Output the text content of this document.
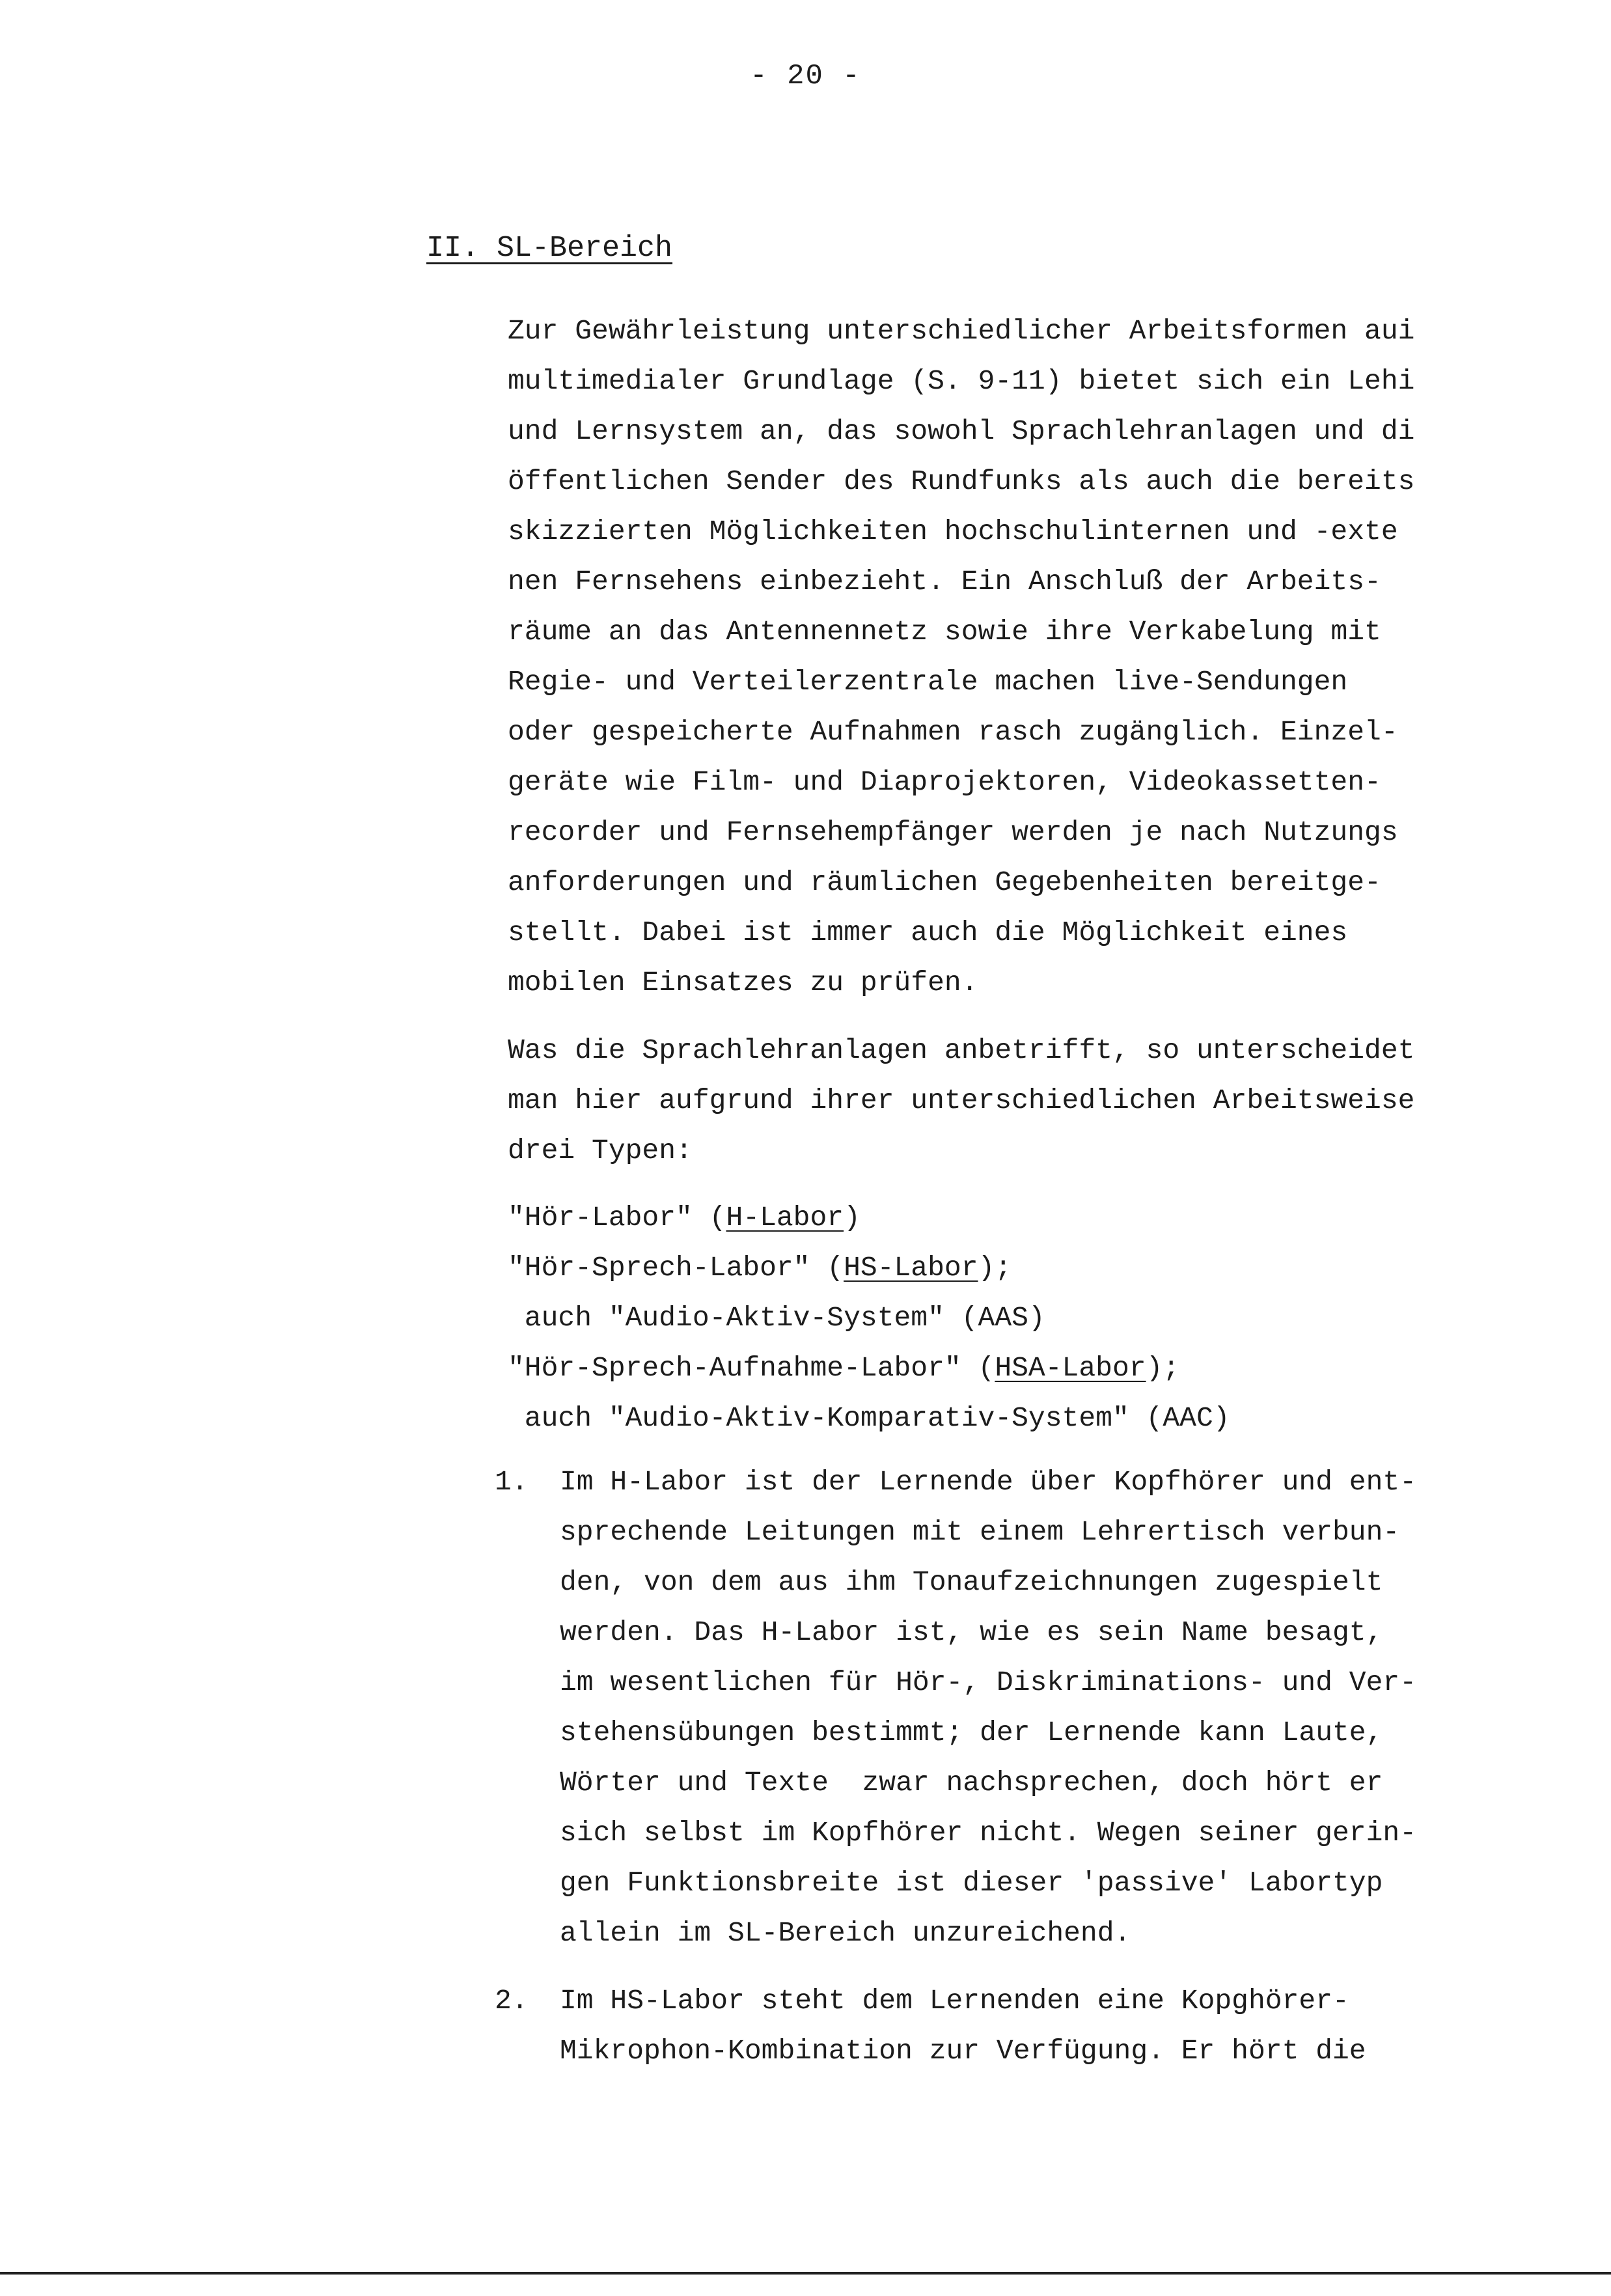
- 20 -
II. SL-Bereich
Zur Gewährleistung unterschiedlicher Arbeitsformen aui
multimedialer Grundlage (S. 9-11) bietet sich ein Lehi
und Lernsystem an, das sowohl Sprachlehranlagen und di
öffentlichen Sender des Rundfunks als auch die bereits
skizzierten Möglichkeiten hochschulinternen und -exte
nen Fernsehens einbezieht. Ein Anschluß der Arbeits-
räume an das Antennennetz sowie ihre Verkabelung mit
Regie- und Verteilerzentrale machen live-Sendungen
oder gespeicherte Aufnahmen rasch zugänglich. Einzel-
geräte wie Film- und Diaprojektoren, Videokassetten-
recorder und Fernsehempfänger werden je nach Nutzungs
anforderungen und räumlichen Gegebenheiten bereitge-
stellt. Dabei ist immer auch die Möglichkeit eines
mobilen Einsatzes zu prüfen.
Was die Sprachlehranlagen anbetrifft, so unterscheidet
man hier aufgrund ihrer unterschiedlichen Arbeitsweise
drei Typen:
"Hör-Labor" (H-Labor)
"Hör-Sprech-Labor" (HS-Labor);
auch "Audio-Aktiv-System" (AAS)
"Hör-Sprech-Aufnahme-Labor" (HSA-Labor);
auch "Audio-Aktiv-Komparativ-System" (AAC)
1. Im H-Labor ist der Lernende über Kopfhörer und ent-
sprechende Leitungen mit einem Lehrertisch verbun-
den, von dem aus ihm Tonaufzeichnungen zugespielt
werden. Das H-Labor ist, wie es sein Name besagt,
im wesentlichen für Hör-, Diskriminations- und Ver-
stehensübungen bestimmt; der Lernende kann Laute,
Wörter und Texte  zwar nachsprechen, doch hört er
sich selbst im Kopfhörer nicht. Wegen seiner gerin-
gen Funktionsbreite ist dieser 'passive' Labortyp
allein im SL-Bereich unzureichend.
2. Im HS-Labor steht dem Lernenden eine Kopghörer-
Mikrophon-Kombination zur Verfügung. Er hört die
